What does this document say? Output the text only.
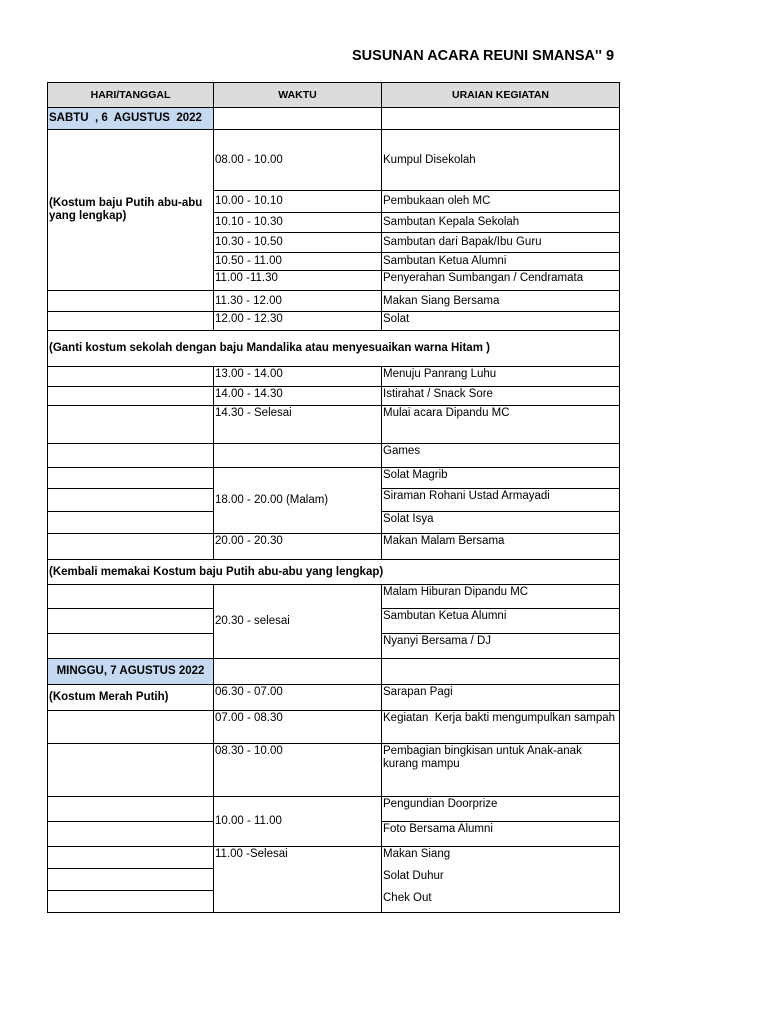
SUSUNAN ACARA REUNI SMANSA'' 9
HARI/TANGGAL	WAKTU	URAIAN KEGIATAN
SABTU  , 6  AGUSTUS  2022		
(Kostum baju Putih abu-abu yang lengkap)	08.00 - 10.00	Kumpul Disekolah
	10.00 - 10.10	Pembukaan oleh MC
	10.10 - 10.30	Sambutan Kepala Sekolah
	10.30 - 10.50	Sambutan dari Bapak/Ibu Guru
	10.50 - 11.00	Sambutan Ketua Alumni
	11.00 -11.30	Penyerahan Sumbangan / Cendramata
	11.30 - 12.00	Makan Siang Bersama
	12.00 - 12.30	Solat
(Ganti kostum sekolah dengan baju Mandalika atau menyesuaikan warna Hitam )		
	13.00 - 14.00	Menuju Panrang Luhu
	14.00 - 14.30	Istirahat / Snack Sore
	14.30 - Selesai	Mulai acara Dipandu MC
		Games
	18.00 - 20.00 (Malam)	Solat Magrib
		Siraman Rohani Ustad Armayadi
		Solat Isya
	20.00 - 20.30	Makan Malam Bersama
(Kembali memakai Kostum baju Putih abu-abu yang lengkap)		
	20.30 - selesai	Malam Hiburan Dipandu MC
		Sambutan Ketua Alumni
		Nyanyi Bersama / DJ
MINGGU, 7 AGUSTUS 2022		
(Kostum Merah Putih)	06.30 - 07.00	Sarapan Pagi
	07.00 - 08.30	Kegiatan  Kerja bakti mengumpulkan sampah
	08.30 - 10.00	Pembagian bingkisan untuk Anak-anak kurang mampu
	10.00 - 11.00	Pengundian Doorprize
		Foto Bersama Alumni
	11.00 -Selesai	Makan Siang
		Solat Duhur
		Chek Out
